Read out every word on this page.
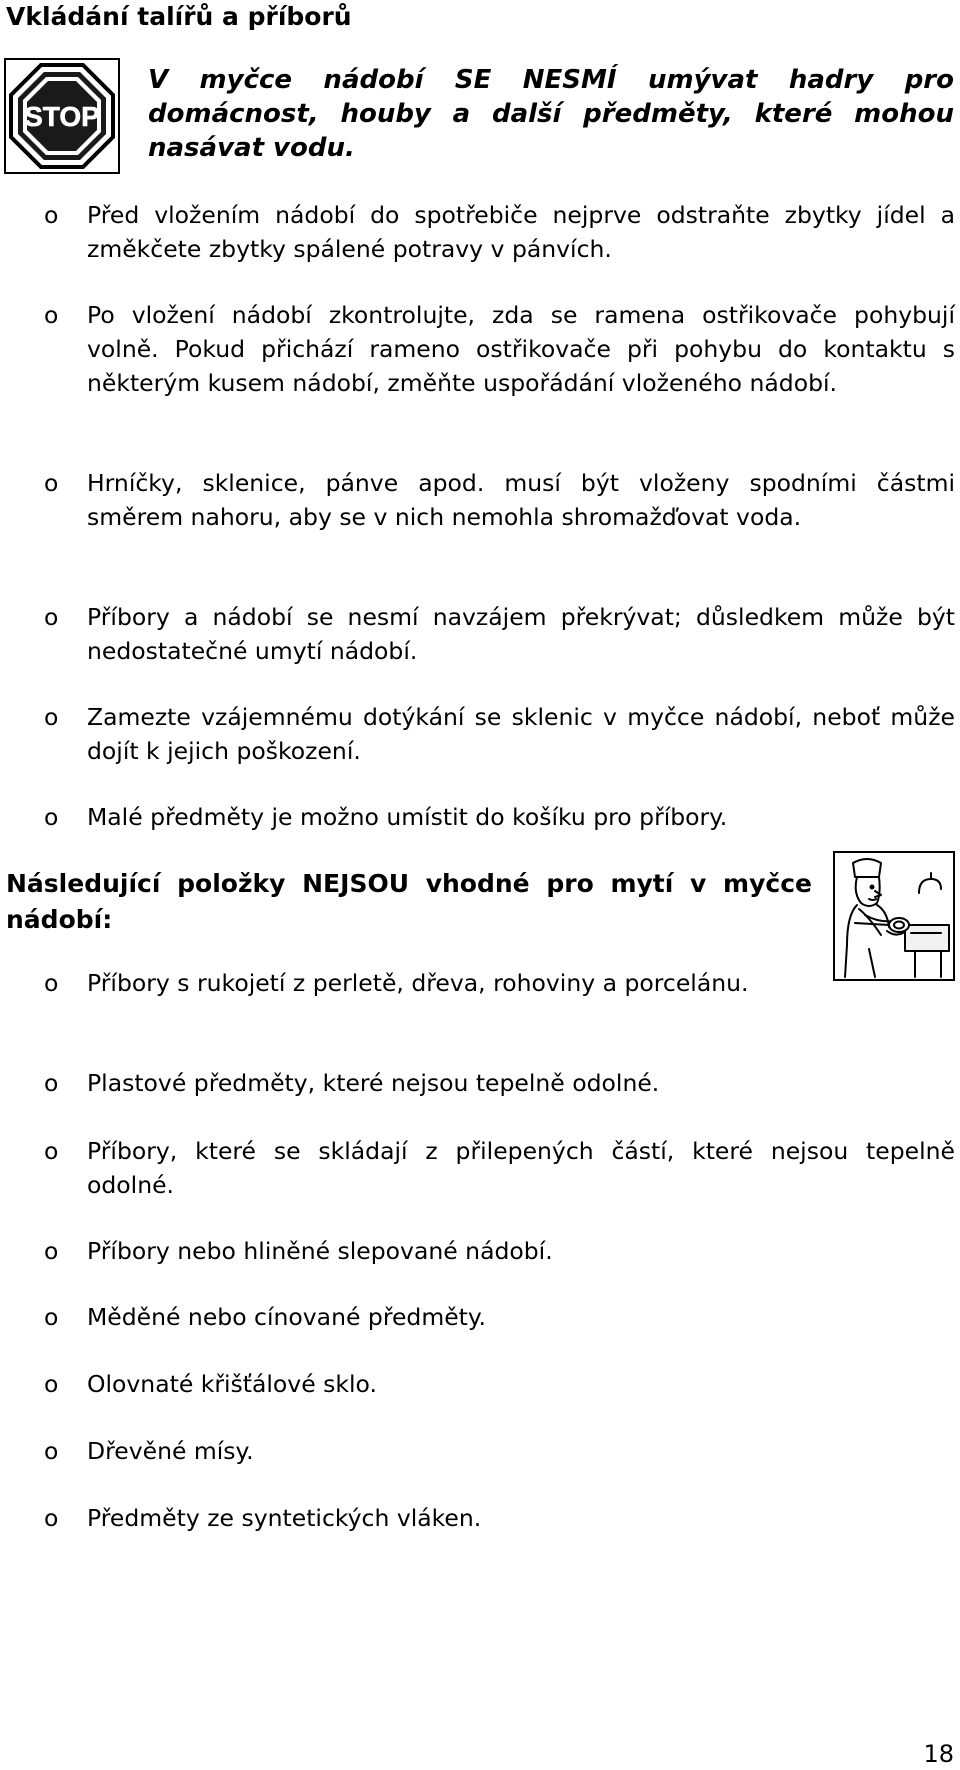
Vkládání talířů a příborů
STOP
V myčce nádobí SE NESMÍ umývat hadry pro domácnost, houby a další předměty, které mohou nasávat vodu.
o Před vložením nádobí do spotřebiče nejprve odstraňte zbytky jídel a změkčete zbytky spálené potravy v pánvích.
o Po vložení nádobí zkontrolujte, zda se ramena ostřikovače pohybují volně. Pokud přichází rameno ostřikovače při pohybu do kontaktu s některým kusem nádobí, změňte uspořádání vloženého nádobí.
o Hrníčky, sklenice, pánve apod. musí být vloženy spodními částmi směrem nahoru, aby se v nich nemohla shromažďovat voda.
o Příbory a nádobí se nesmí navzájem překrývat; důsledkem může být nedostatečné umytí nádobí.
o Zamezte vzájemnému dotýkání se sklenic v myčce nádobí, neboť může dojít k jejich poškození.
o Malé předměty je možno umístit do košíku pro příbory.
Následující položky NEJSOU vhodné pro mytí v myčce nádobí:
o Příbory s rukojetí z perletě, dřeva, rohoviny a porcelánu.
o Plastové předměty, které nejsou tepelně odolné.
o Příbory, které se skládají z přilepených částí, které nejsou tepelně odolné.
o Příbory nebo hliněné slepované nádobí.
o Měděné nebo cínované předměty.
o Olovnaté křišťálové sklo.
o Dřevěné mísy.
o Předměty ze syntetických vláken.
18
